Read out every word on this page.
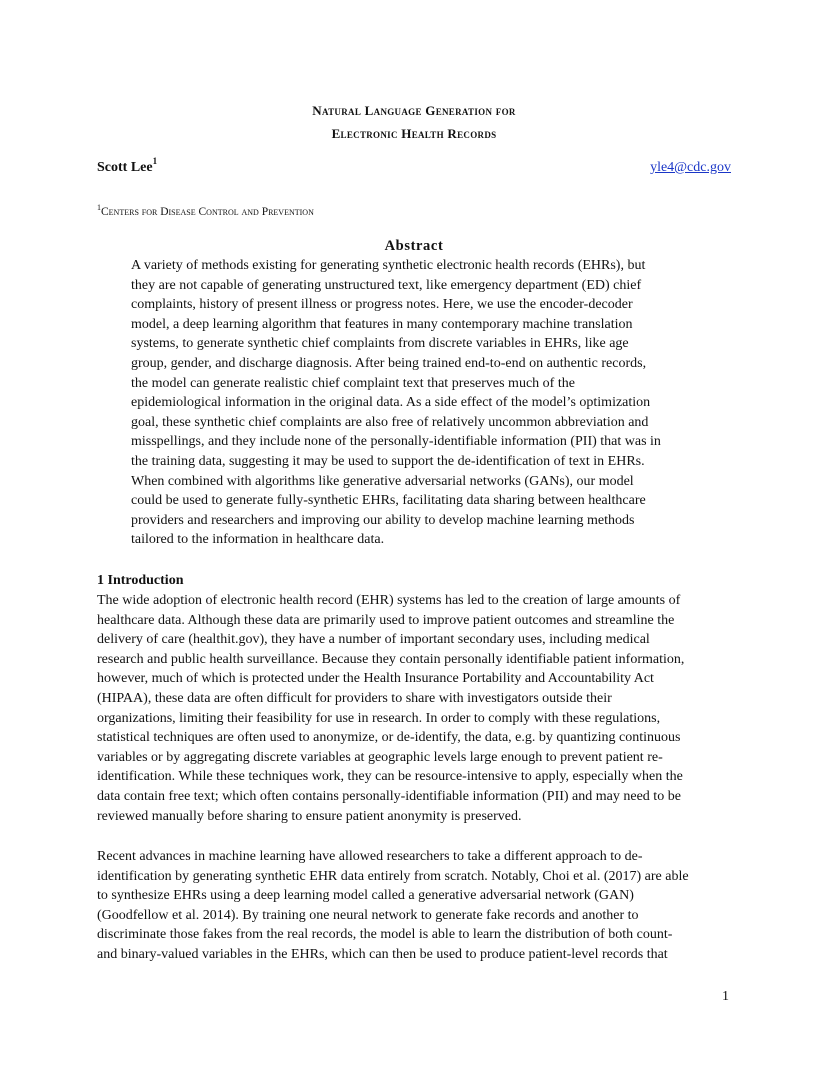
Natural Language Generation for
Electronic Health Records
Scott Lee$^1$	yle4@cdc.gov
$^1$Centers for Disease Control and Prevention
Abstract
A variety of methods existing for generating synthetic electronic health records (EHRs), but
they are not capable of generating unstructured text, like emergency department (ED) chief
complaints, history of present illness or progress notes. Here, we use the encoder-decoder
model, a deep learning algorithm that features in many contemporary machine translation
systems, to generate synthetic chief complaints from discrete variables in EHRs, like age
group, gender, and discharge diagnosis. After being trained end-to-end on authentic records,
the model can generate realistic chief complaint text that preserves much of the
epidemiological information in the original data. As a side effect of the model’s optimization
goal, these synthetic chief complaints are also free of relatively uncommon abbreviation and
misspellings, and they include none of the personally-identifiable information (PII) that was in
the training data, suggesting it may be used to support the de-identification of text in EHRs.
When combined with algorithms like generative adversarial networks (GANs), our model
could be used to generate fully-synthetic EHRs, facilitating data sharing between healthcare
providers and researchers and improving our ability to develop machine learning methods
tailored to the information in healthcare data.
1 Introduction
The wide adoption of electronic health record (EHR) systems has led to the creation of large amounts of
healthcare data. Although these data are primarily used to improve patient outcomes and streamline the
delivery of care (healthit.gov), they have a number of important secondary uses, including medical
research and public health surveillance. Because they contain personally identifiable patient information,
however, much of which is protected under the Health Insurance Portability and Accountability Act
(HIPAA), these data are often difficult for providers to share with investigators outside their
organizations, limiting their feasibility for use in research. In order to comply with these regulations,
statistical techniques are often used to anonymize, or de-identify, the data, e.g. by quantizing continuous
variables or by aggregating discrete variables at geographic levels large enough to prevent patient re-
identification. While these techniques work, they can be resource-intensive to apply, especially when the
data contain free text; which often contains personally-identifiable information (PII) and may need to be
reviewed manually before sharing to ensure patient anonymity is preserved.
Recent advances in machine learning have allowed researchers to take a different approach to de-
identification by generating synthetic EHR data entirely from scratch. Notably, Choi et al. (2017) are able
to synthesize EHRs using a deep learning model called a generative adversarial network (GAN)
(Goodfellow et al. 2014). By training one neural network to generate fake records and another to
discriminate those fakes from the real records, the model is able to learn the distribution of both count-
and binary-valued variables in the EHRs, which can then be used to produce patient-level records that
1
